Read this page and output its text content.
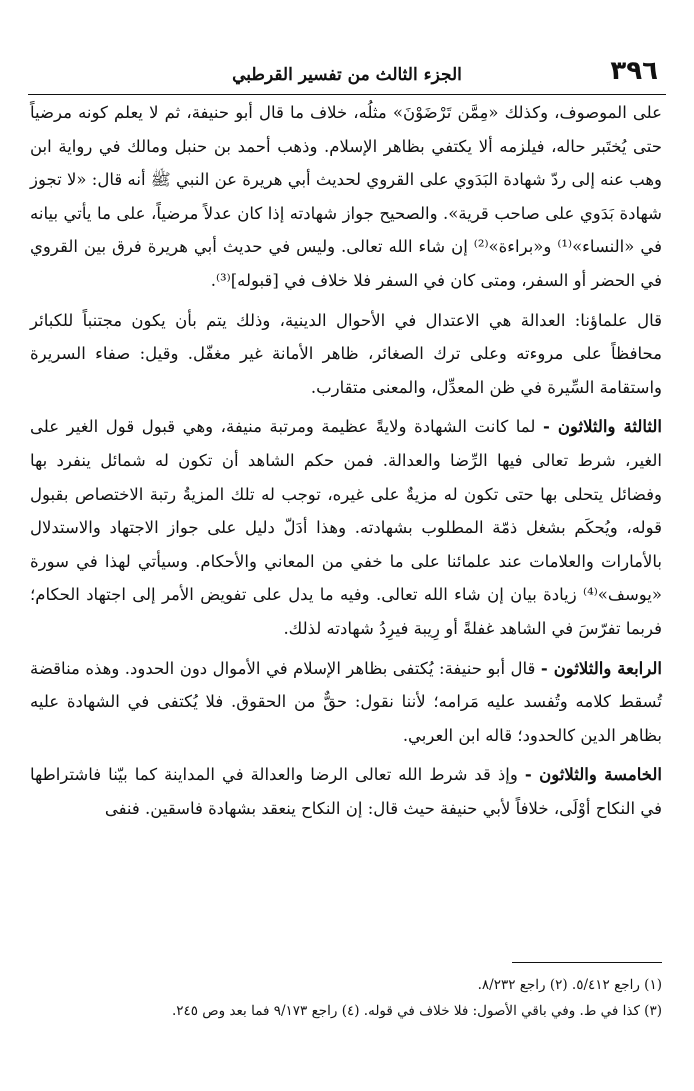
٣٩٦
الجزء الثالث من تفسير القرطبي

على الموصوف، وكذلك «مِمَّن تَرْضَوْنَ» مثلُه، خلاف ما قال أبو حنيفة، ثم لا يعلم كونه مرضياً حتى يُختَبر حاله، فيلزمه ألا يكتفي بظاهر الإسلام. وذهب أحمد بن حنبل ومالك في رواية ابن وهب عنه إلى ردّ شهادة البَدَوي على القروي لحديث أبي هريرة عن النبي ﷺ أنه قال: «لا تجوز شهادة بَدَوي على صاحب قرية». والصحيح جواز شهادته إذا كان عدلاً مرضياً، على ما يأتي بيانه في «النساء»⁽¹⁾ و«براءة»⁽²⁾ إن شاء الله تعالى. وليس في حديث أبي هريرة فرق بين القروي في الحضر أو السفر، ومتى كان في السفر فلا خلاف في [قبوله]⁽³⁾.

قال علماؤنا: العدالة هي الاعتدال في الأحوال الدينية، وذلك يتم بأن يكون مجتنباً للكبائر محافظاً على مروءته وعلى ترك الصغائر، ظاهر الأمانة غير مغفّل. وقيل: صفاء السريرة واستقامة السِّيرة في ظن المعدِّل، والمعنى متقارب.

الثالثة والثلاثون - لما كانت الشهادة ولايةً عظيمة ومرتبة منيفة، وهي قبول قول الغير على الغير، شرط تعالى فيها الرِّضا والعدالة. فمن حكم الشاهد أن تكون له شمائل ينفرد بها وفضائل يتحلى بها حتى تكون له مزيةٌ على غيره، توجب له تلك المزيةُ رتبة الاختصاص بقبول قوله، ويُحكَم بشغل ذمّة المطلوب بشهادته. وهذا أدَلّ دليل على جواز الاجتهاد والاستدلال بالأمارات والعلامات عند علمائنا على ما خفي من المعاني والأحكام. وسيأتي لهذا في سورة «يوسف»⁽⁴⁾ زيادة بيان إن شاء الله تعالى. وفيه ما يدل على تفويض الأمر إلى اجتهاد الحكام؛ فربما تفرّسَ في الشاهد غفلةً أو رِيبة فيرِدُ شهادته لذلك.

الرابعة والثلاثون - قال أبو حنيفة: يُكتفى بظاهر الإسلام في الأموال دون الحدود. وهذه مناقضة تُسقط كلامه وتُفسد عليه مَرامه؛ لأننا نقول: حقٌّ من الحقوق. فلا يُكتفى في الشهادة عليه بظاهر الدين كالحدود؛ قاله ابن العربي.

الخامسة والثلاثون - وإذ قد شرط الله تعالى الرضا والعدالة في المداينة كما بيّنا فاشتراطها في النكاح أوْلَى، خلافاً لأبي حنيفة حيث قال: إن النكاح ينعقد بشهادة فاسقين. فنفى

(١) راجع ٥/٤١٢. (٢) راجع ٨/٢٣٢.

(٣) كذا في ط. وفي باقي الأصول: فلا خلاف في قوله. (٤) راجع ٩/١٧٣ فما بعد وص ٢٤٥.
